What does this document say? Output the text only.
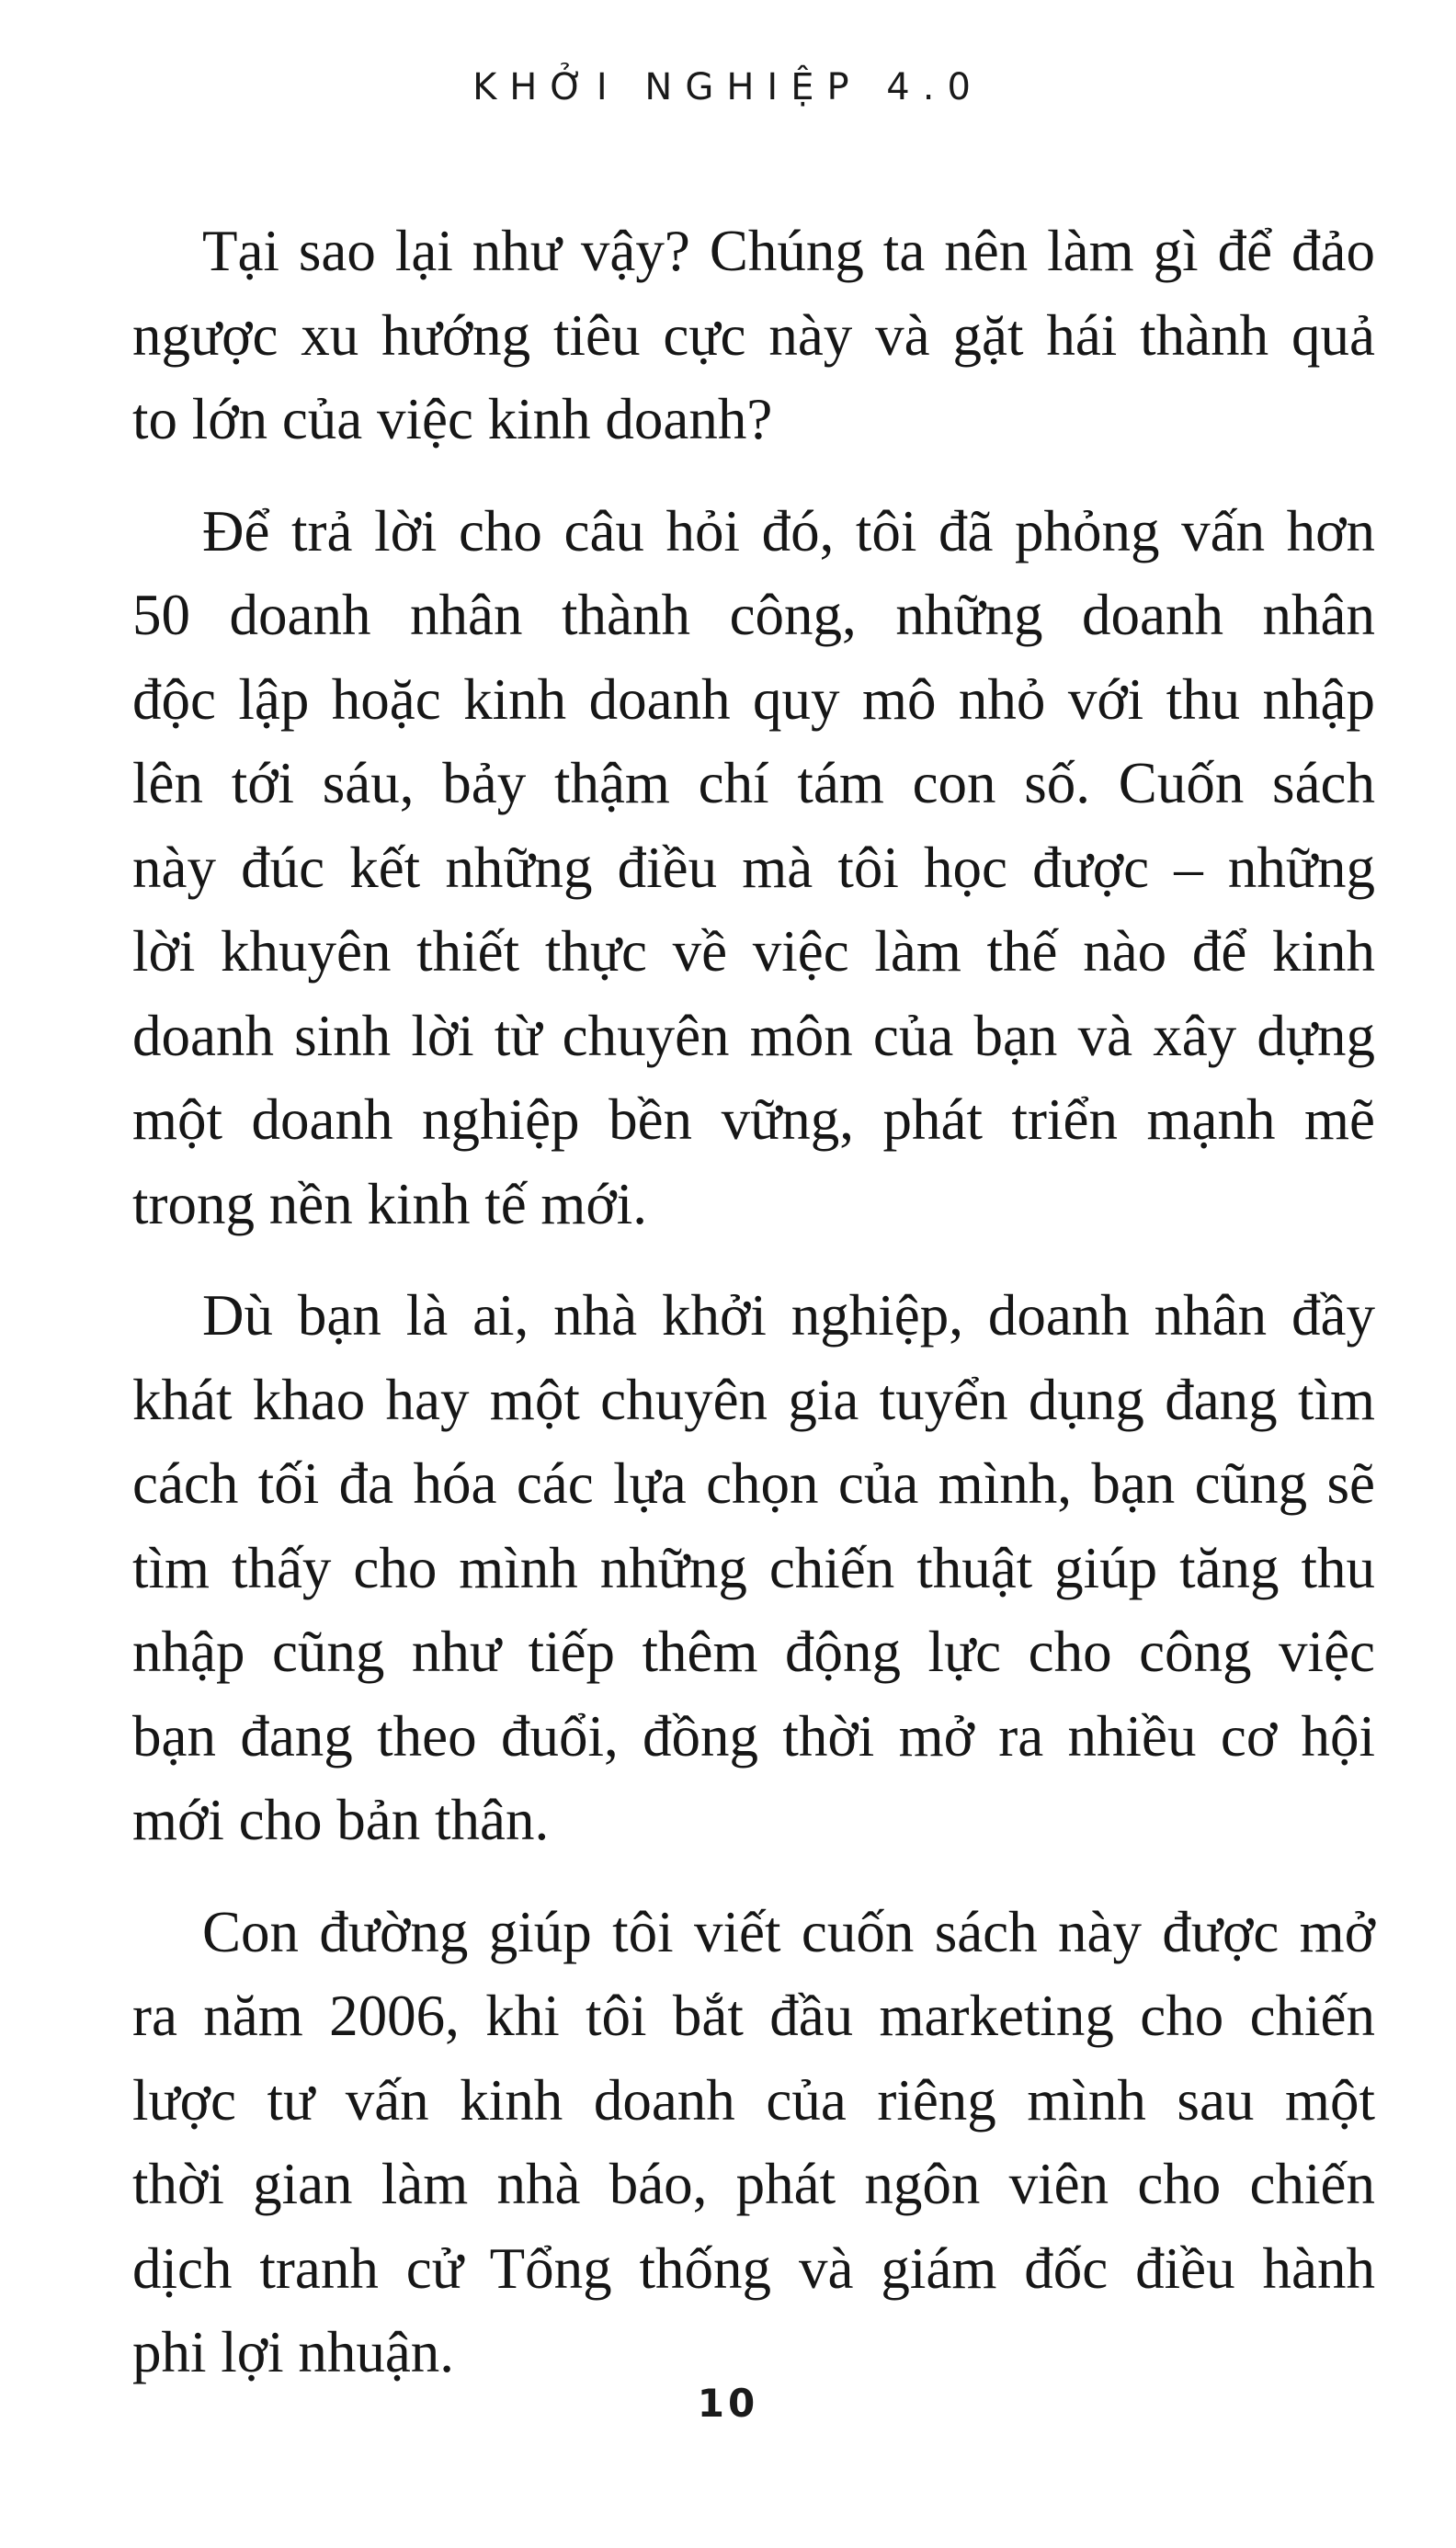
KHỞI NGHIỆP 4.0

Tại sao lại như vậy? Chúng ta nên làm gì để đảo
ngược xu hướng tiêu cực này và gặt hái thành quả
to lớn của việc kinh doanh?

Để trả lời cho câu hỏi đó, tôi đã phỏng vấn hơn
50 doanh nhân thành công, những doanh nhân
độc lập hoặc kinh doanh quy mô nhỏ với thu nhập
lên tới sáu, bảy thậm chí tám con số. Cuốn sách
này đúc kết những điều mà tôi học được – những
lời khuyên thiết thực về việc làm thế nào để kinh
doanh sinh lời từ chuyên môn của bạn và xây dựng
một doanh nghiệp bền vững, phát triển mạnh mẽ
trong nền kinh tế mới.

Dù bạn là ai, nhà khởi nghiệp, doanh nhân đầy
khát khao hay một chuyên gia tuyển dụng đang tìm
cách tối đa hóa các lựa chọn của mình, bạn cũng sẽ
tìm thấy cho mình những chiến thuật giúp tăng thu
nhập cũng như tiếp thêm động lực cho công việc
bạn đang theo đuổi, đồng thời mở ra nhiều cơ hội
mới cho bản thân.

Con đường giúp tôi viết cuốn sách này được mở
ra năm 2006, khi tôi bắt đầu marketing cho chiến
lược tư vấn kinh doanh của riêng mình sau một
thời gian làm nhà báo, phát ngôn viên cho chiến
dịch tranh cử Tổng thống và giám đốc điều hành
phi lợi nhuận.

10
